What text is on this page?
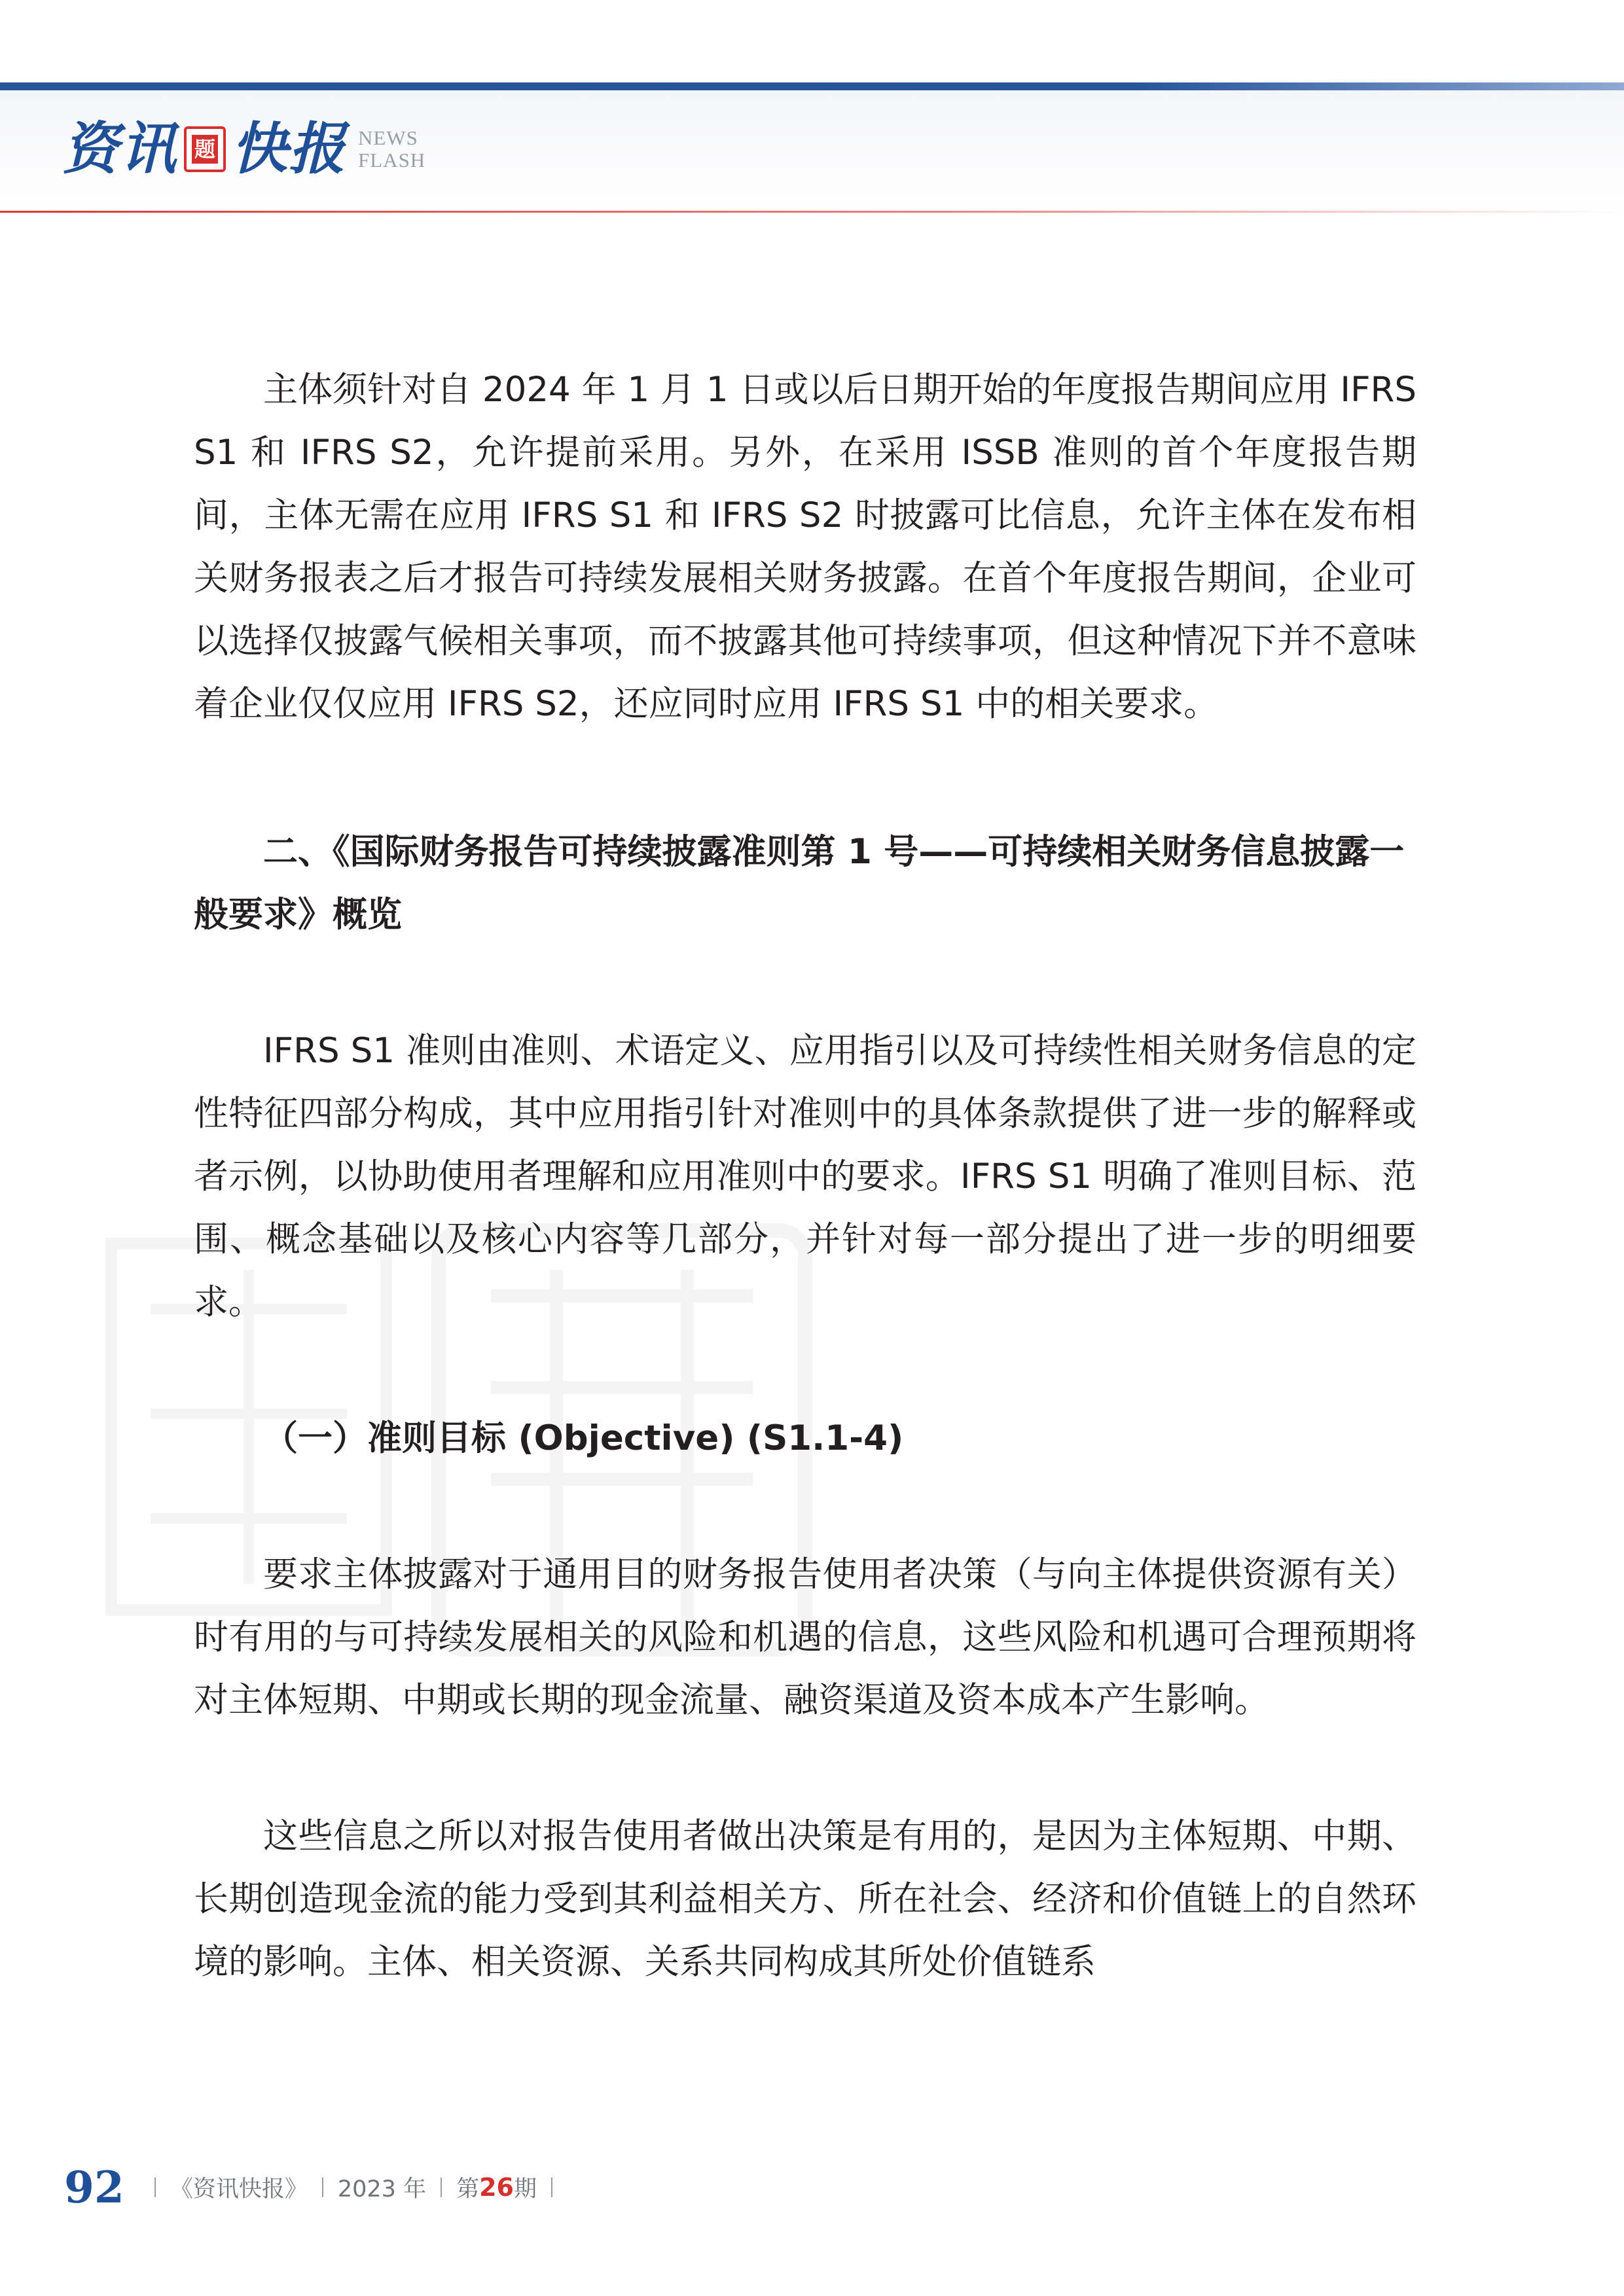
资讯 题 快报 NEWS
FLASH

主体须针对自 2024 年 1 月 1 日或以后日期开始的年度报告期间应用 IFRS S1 和 IFRS S2，允许提前采用。另外，在采用 ISSB 准则的首个年度报告期间，主体无需在应用 IFRS S1 和 IFRS S2 时披露可比信息，允许主体在发布相关财务报表之后才报告可持续发展相关财务披露。在首个年度报告期间，企业可以选择仅披露气候相关事项，而不披露其他可持续事项，但这种情况下并不意味着企业仅仅应用 IFRS S2，还应同时应用 IFRS S1 中的相关要求。

二、《国际财务报告可持续披露准则第 1 号——可持续相关财务信息披露一般要求》概览

IFRS S1 准则由准则、术语定义、应用指引以及可持续性相关财务信息的定性特征四部分构成，其中应用指引针对准则中的具体条款提供了进一步的解释或者示例，以协助使用者理解和应用准则中的要求。IFRS S1 明确了准则目标、范围、概念基础以及核心内容等几部分，并针对每一部分提出了进一步的明细要求。

（一）准则目标 (Objective) (S1.1-4)

要求主体披露对于通用目的财务报告使用者决策（与向主体提供资源有关）时有用的与可持续发展相关的风险和机遇的信息，这些风险和机遇可合理预期将对主体短期、中期或长期的现金流量、融资渠道及资本成本产生影响。

这些信息之所以对报告使用者做出决策是有用的，是因为主体短期、中期、长期创造现金流的能力受到其利益相关方、所在社会、经济和价值链上的自然环境的影响。主体、相关资源、关系共同构成其所处价值链系

92 《资讯快报》 2023 年 第 26 期
